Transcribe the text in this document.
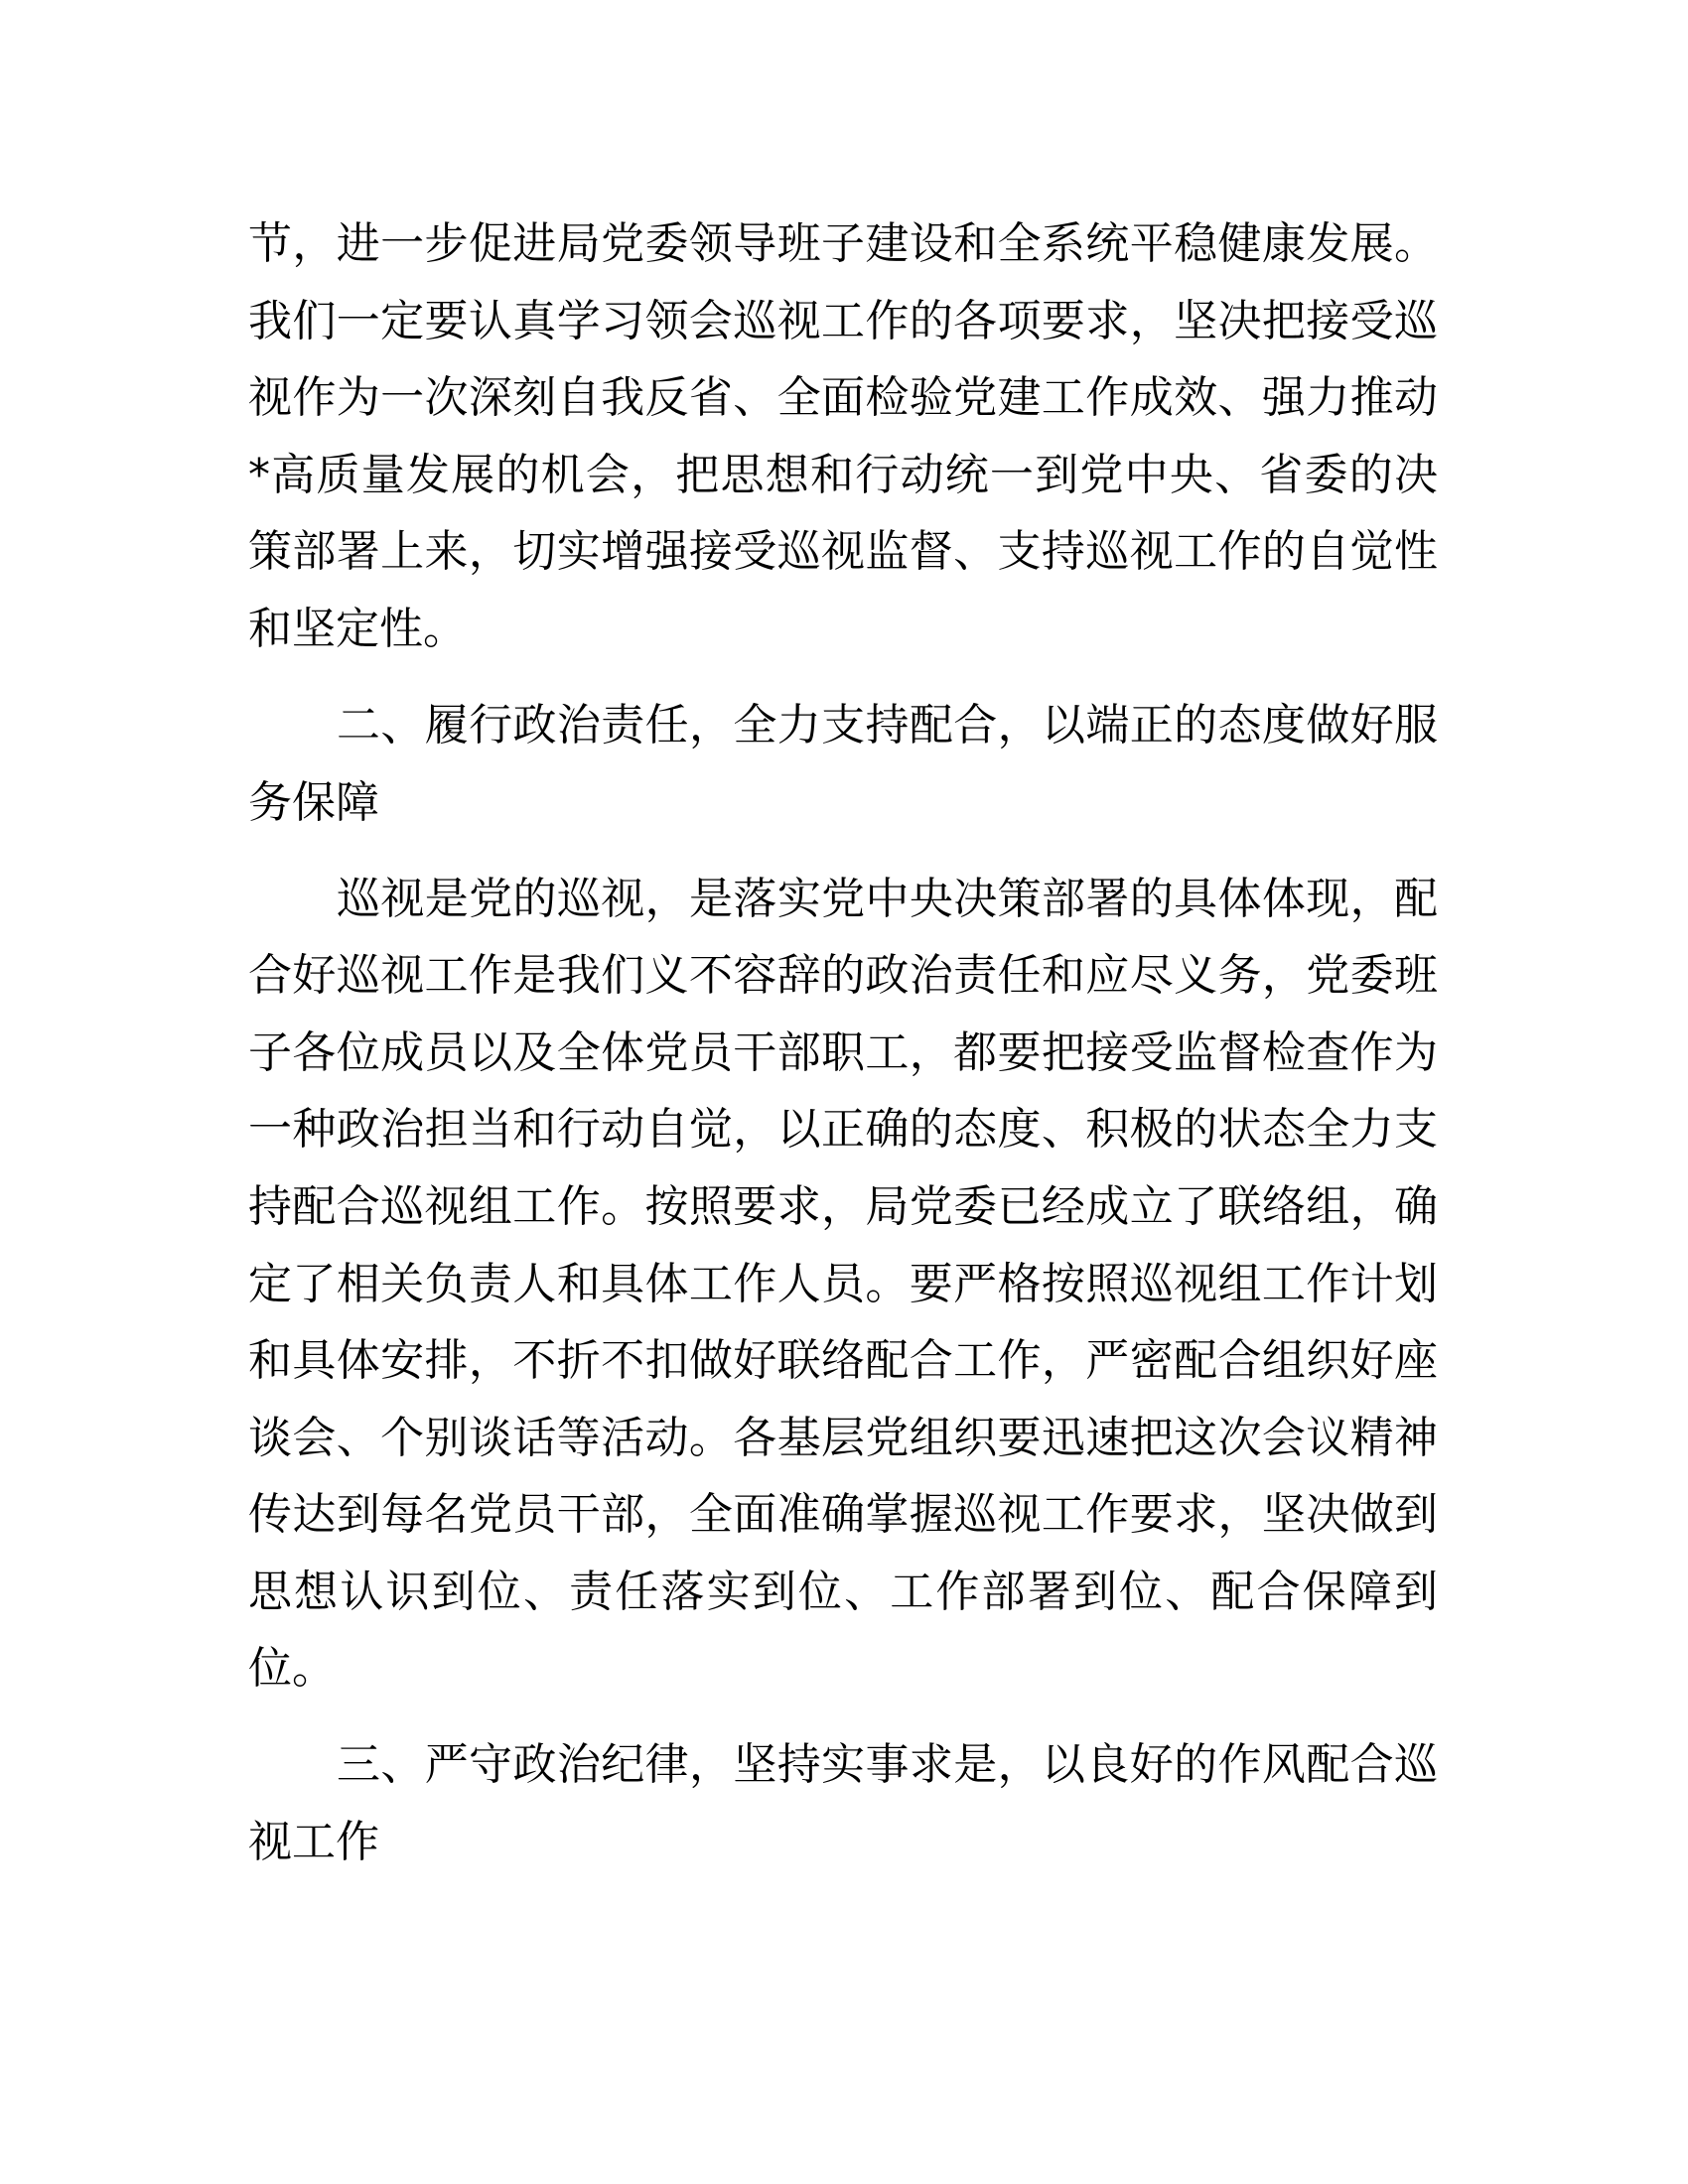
节，进一步促进局党委领导班子建设和全系统平稳健康发展。
我们一定要认真学习领会巡视工作的各项要求，坚决把接受巡
视作为一次深刻自我反省、全面检验党建工作成效、强力推动
*高质量发展的机会，把思想和行动统一到党中央、省委的决
策部署上来，切实增强接受巡视监督、支持巡视工作的自觉性
和坚定性。

二、履行政治责任，全力支持配合，以端正的态度做好服
务保障

巡视是党的巡视，是落实党中央决策部署的具体体现，配
合好巡视工作是我们义不容辞的政治责任和应尽义务，党委班
子各位成员以及全体党员干部职工，都要把接受监督检查作为
一种政治担当和行动自觉，以正确的态度、积极的状态全力支
持配合巡视组工作。按照要求，局党委已经成立了联络组，确
定了相关负责人和具体工作人员。要严格按照巡视组工作计划
和具体安排，不折不扣做好联络配合工作，严密配合组织好座
谈会、个别谈话等活动。各基层党组织要迅速把这次会议精神
传达到每名党员干部，全面准确掌握巡视工作要求，坚决做到
思想认识到位、责任落实到位、工作部署到位、配合保障到
位。

三、严守政治纪律，坚持实事求是，以良好的作风配合巡
视工作
